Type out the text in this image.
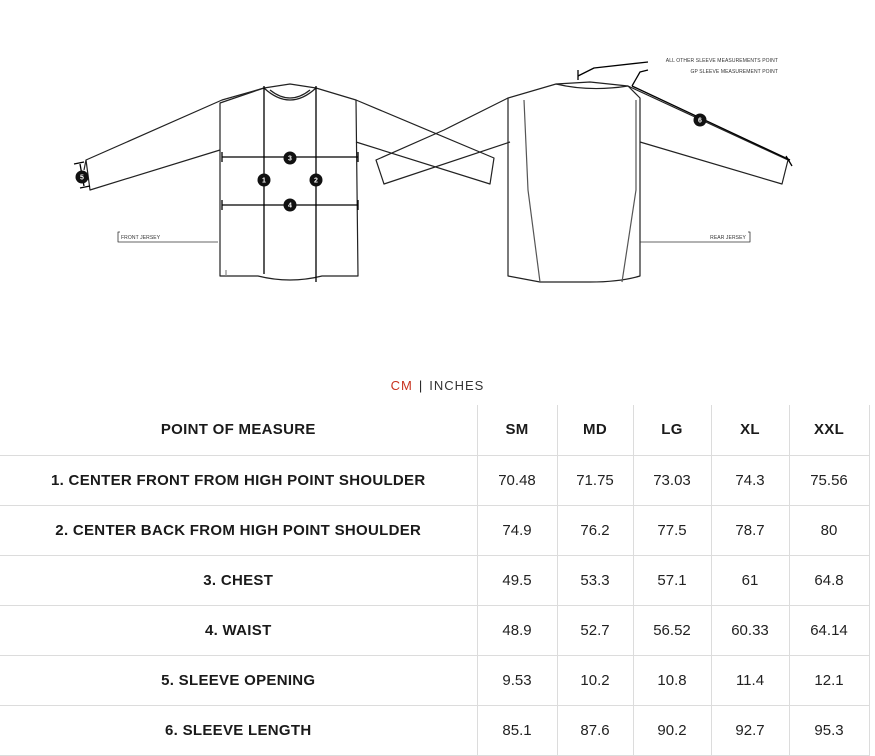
1	2
3
4
5
6
FRONT JERSEY	REAR JERSEY
ALL OTHER SLEEVE MEASUREMENTS POINT
GP SLEEVE MEASUREMENT POINT
CM | INCHES
POINT OF MEASURE	SM	MD	LG	XL	XXL
1. CENTER FRONT FROM HIGH POINT SHOULDER	70.48	71.75	73.03	74.3	75.56
2. CENTER BACK FROM HIGH POINT SHOULDER	74.9	76.2	77.5	78.7	80
3. CHEST	49.5	53.3	57.1	61	64.8
4. WAIST	48.9	52.7	56.52	60.33	64.14
5. SLEEVE OPENING	9.53	10.2	10.8	11.4	12.1
6. SLEEVE LENGTH	85.1	87.6	90.2	92.7	95.3
